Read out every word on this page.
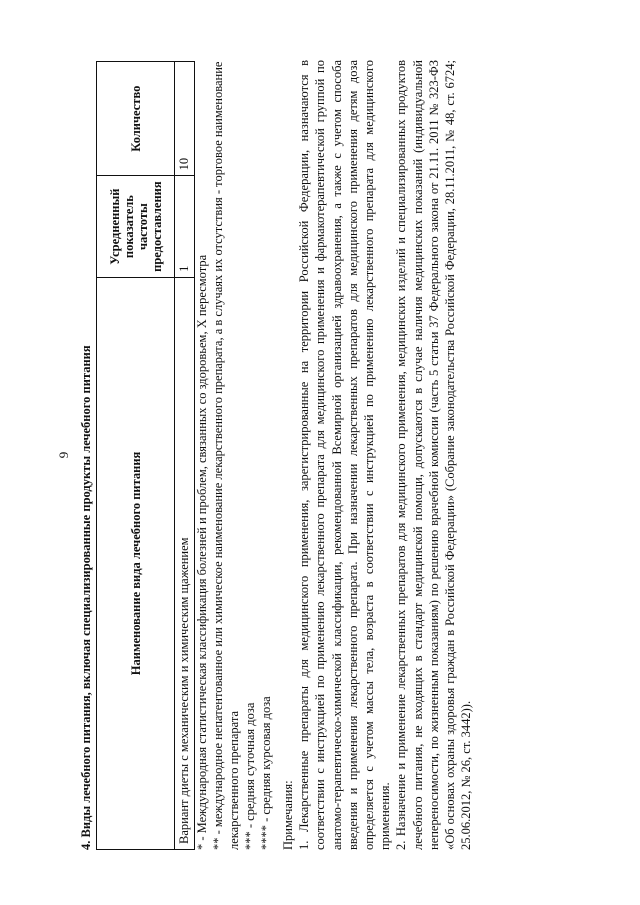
9 4. Виды лечебного питания, включая специализированные продукты лечебного питания	Наименование вида лечебного питания	Усредненный показатель частоты предоставления	Количество
Вариант диеты с механическим и химическим щажением	1	10

* - Международная статистическая классификация болезней и проблем, связанных со здоровьем, X пересмотра ** - международное непатентованное или химическое наименование лекарственного препарата, а в случаях их отсутствия - торговое наименование лекарственного препарата *** - средняя суточная доза **** - средняя курсовая доза Примечания: 1. Лекарственные препараты для медицинского применения, зарегистрированные на территории Российской Федерации, назначаются в соответствии с инструкцией по применению лекарственного препарата для медицинского применения и фармакотерапевтической группой по анатомо-терапевтическо-химической классификации, рекомендованной Всемирной организацией здравоохранения, а также с учетом способа введения и применения лекарственного препарата. При назначении лекарственных препаратов для медицинского применения детям доза определяется с учетом массы тела, возраста в соответствии с инструкцией по применению лекарственного препарата для медицинского применения. 2. Назначение и применение лекарственных препаратов для медицинского применения, медицинских изделий и специализированных продуктов лечебного питания, не входящих в стандарт медицинской помощи, допускаются в случае наличия медицинских показаний (индивидуальной непереносимости, по жизненным показаниям) по решению врачебной комиссии (часть 5 статьи 37 Федерального закона от 21.11. 2011 № 323-ФЗ «Об основах охраны здоровья граждан в Российской Федерации» (Собрание законодательства Российской Федерации, 28.11.2011, № 48, ст. 6724; 25.06.2012, № 26, ст. 3442)).
